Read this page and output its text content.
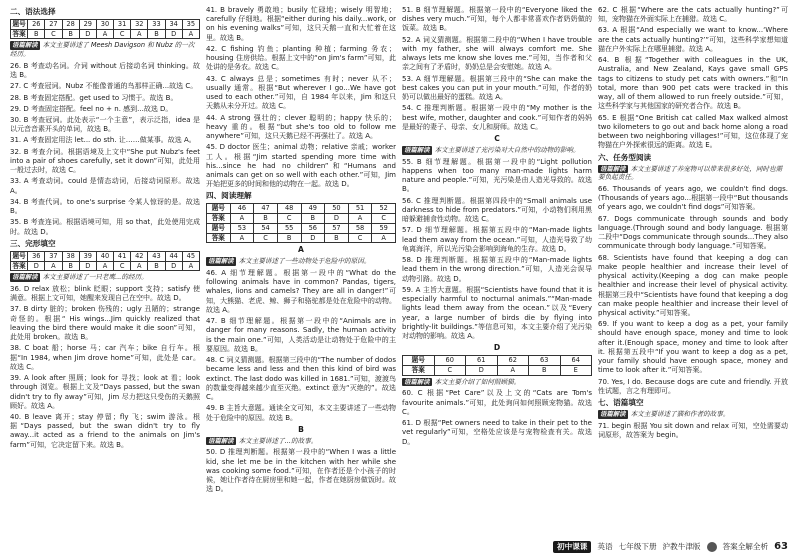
二、语法选择
题号	26	27	28	29	30	31	32	33	34	35
答案	B	C	B	D	A	C	A	B	D	A
语篇解读 本文主要讲述了 Meesh Davigson 和 Nubz 的一次经历。
26. B 考查动名词。介词 without 后接动名词 thinking。故选 B。
27. C 考查冠词。Nubz 不能像普通的鸟那样正确...故选 C。
28. B 考查固定搭配。get used to 习惯于。故选 B。
29. D 考查固定搭配。feel no + n. 感到...故选 D。
30. B 考查冠词。此处表示“一个主意”，表示泛指，idea 是以元音音素开头的单词，故选 B。
31. A 考查固定用法 let... do sth. 让……做某事。故选 A。
32. B 考查介词。根据语境及上文中“She put Nubz's feet into a pair of shoes carefully, set it down”可知，此处用一般过去时，故选 C。
33. A 考查动词。could 是情态动词，后接动词原形。故选 A。
34. B 考查代词。to one's surprise 令某人惊讶的是。故选 B。
35. B 考查连词。根据语境可知，用 so that，此处使用完成时。故选 D。
三、完形填空
题号	36	37	38	39	40	41	42	43	44	45
答案	D	A	B	D	A	C	A	B	D	A
语篇解读 本文主要讲述了一只老鹰...的经历。
36. D relax 放松；blink 眨眼；support 支持；satisfy 使满意。根据上文可知，她醒来发现自己在空中。故选 D。
37. B dirty 脏的；broken 伤残的；ugly 丑陋的；strange 奇怪的。根据“ His wings...Jim quickly realized that leaving the bird there would make it die soon”可知，此处用 broken。故选 B。
38. C boat 船；horse 马；car 汽车；bike 自行车。根据“In 1984, when Jim drove home”可知，此处是 car。故选 C。
39. A look after 照顾；look for 寻找；look at 看；look through 浏览。根据上文及“Days passed, but the swan didn't try to fly away”可知，Jim 尽力把这只受伤的天鹅照顾好。故选 A。
40. B leave 离开；stay 停留；fly 飞；swim 游泳。根据“Days passed, but the swan didn't try to fly away...it acted as a friend to the animals on Jim's farm”可知，它决定留下来。故选 B。
41. B bravely 勇敢地；busily 忙碌地；wisely 明智地；carefully 仔细地。根据“either during his daily...work, or on his evening walks”可知，这只天鹅一直和大忙着在这里。故选 B。
42. C fishing 钓鱼；planting 种植；farming 务农；housing 住房供给。根据上文中的“on Jim's farm”可知，此处讲的是务农。故选 C。
43. C always 总是；sometimes 有时；never 从不；usually 通常。根据“But wherever I go...We have got used to each other.”可知，自 1984 年以来，Jim 和这只天鹅从未分开过。故选 C。
44. A strong 强壮的；clever 聪明的；happy 快乐的；heavy 重的。根据“but she's too old to follow me anywhere”可知，这只天鹅已经不再强壮了。故选 A。
45. D doctor 医生；animal 动物；relative 亲戚；worker 工人。根据“Jim started spending more time with his...since he had no children”和“Humans and animals can get on so well with each other.”可知，Jim 开始把更多的时间和他的动物在一起。故选 D。
四、阅读理解
题号	46	47	48	49	50	51	52
答案	A	B	C	B	D	A	C
题号	53	54	55	56	57	58	59
答案	A	C	B	D	B	C	A
A
语篇解读 本文主要讲述了一些动物处于危险中的原因。
46. A 细节理解题。根据第一段中的“What do the following animals have in common? Pandas, tigers, whales, lions and camels? They are all in danger!”可知，大熊猫、老虎、鲸、狮子和骆驼都是处在危险中的动物。故选 A。
47. B 细节理解题。根据第一段中的“Animals are in danger for many reasons. Sadly, the human activity is the main one.”可知，人类活动是让动物处于危险中的主要原因。故选 B。
48. C 词义猜测题。根据第三段中的“The number of dodos became less and less and then this kind of bird was extinct. The last dodo was killed in 1681.”可知，渡渡鸟的数量变得越来越少直至灭绝。extinct 意为“灭绝的”。故选 C。
49. B 主旨大意题。通读全文可知，本文主要讲述了一些动物处于危险中的原因。故选 B。
B
语篇解读 本文主要讲述了...的故事。
50. D 推理判断题。根据第一段中的“When I was a little kid, she let me be in the kitchen with her while she was cooking some food.”可知，在作者还是个小孩子的时候，她让作者待在厨房里和她一起，作者在她厨房做饭时。故选 D。
51. B 细节理解题。根据第一段中的“Everyone liked the dishes very much.”可知，每个人都非常喜欢作者奶奶做的饭菜。故选 B。
52. A 词义猜测题。根据第二段中的“When I have trouble with my father, she will always comfort me. She always lets me know she loves me.”可知，当作者和父亲之间有了矛盾时，奶奶总是会安慰她。故选 A。
53. A 细节理解题。根据第三段中的“She can make the best cakes you can put in your mouth.”可知，作者的奶奶可以做出最好的蛋糕。故选 A。
54. C 推理判断题。根据第一段中的“My mother is the best wife, mother, daughter and cook.”可知作者的妈妈是最好的妻子、母亲、女儿和厨师。故选 C。
C
语篇解读 本文主要讲述了光污染对大自然中的动物的影响。
55. B 细节理解题。根据第一段中的“Light pollution happens when too many man-made lights harm nature and people.”可知，光污染是由人造光导致的。故选 B。
56. C 推理判断题。根据第四段中的“Small animals use darkness to hide from predators.”可知，小动物们利用黑暗躲避捕食性动物。故选 C。
57. D 细节理解题。根据第五段中的“Man-made lights lead them away from the ocean.”可知，人造光导致了幼龟离海洋，所以光污染会影响到海龟的生存。故选 D。
58. D 推理判断题。根据第五段中的“Man-made lights lead them in the wrong direction.”可知，人造光会误导动物引路。故选 D。
59. A 主旨大意题。根据“Scientists have found that it is especially harmful to nocturnal animals.”“Man-made lights lead them away from the ocean.”以及“Every year, a large number of birds die by flying into brightly-lit buildings.”等信息可知，本文主要介绍了光污染对动物的影响。故选 A。
D
题号	60	61	62	63	64
答案	C	D	A	B	E
语篇解读 本文主要介绍了如何照顾猫。
60. C 根据“Pet Care”以及上文的“Cats are Tom's favourite animals.”可知，此处询问如何照顾宠物猫。故选 C。
61. D 根据“Pet owners need to take in their pet to the vet regularly”可知，空格处应该是与宠物检查有关。故选 D。
62. C 根据“Where are the cats actually hunting?”可知，宠物猫在外面实际上在捕猎。故选 C。
63. A 根据“And especially we want to know...‘Where are the cats actually hunting?’”可知，这些科学家想知道猫在户外实际上在哪里捕猎。故选 A。
64. B 根据“Together with colleagues in the UK, Australia, and New Zealand, Kays gave small GPS tags to citizens to study pet cats with owners.”和“In total, more than 900 pet cats were tracked in this way, all of them allowed to run freely outside.”可知，这些科学家与其他国家的研究者合作。故选 B。
65. E 根据“One British cat called Max walked almost two kilometers to go out and back home along a road between two neighboring villages!”可知，这位体现了宠物猫在户外探索很远的距离。故选 E。
六、任务型阅读
语篇解读 本文主要讲述了养宠物可以带来很多好处，同时也需要负起责任。
66. Thousands of years ago, we couldn't find dogs.(Thousands of years ago...根据第一段中“But thousands of years ago, we couldn't find dogs”可知答案。
67. Dogs communicate through sounds and body language.(Through sound and body language. 根据第二段中“Dogs communicate through sounds...They also communicate through body language.”可知答案。
68. Scientists have found that keeping a dog can make people healthier and increase their level of physical activity.(Keeping a dog can make people healthier and increase their level of physical activity. 根据第三段中“Scientists have found that keeping a dog can make people healthier and increase their level of physical activity.”可知答案。
69. If you want to keep a dog as a pet, your family should have enough space, money and time to look after it.(Enough space, money and time to look after it. 根据第五段中“If you want to keep a dog as a pet, your family should have enough space, money and time to look after it.”可知答案。
70. Yes, I do. Because dogs are cute and friendly. 开放性试题，言之有理即可。
七、语篇填空
语篇解读 本文主要讲述了猫和作者的故事。
71. begin 根据 You sit down and relax 可知，空处需要动词原形，故答案为 begin。
初中课课	英语 七年级下册 沪教牛津版	答案全解全析 63
